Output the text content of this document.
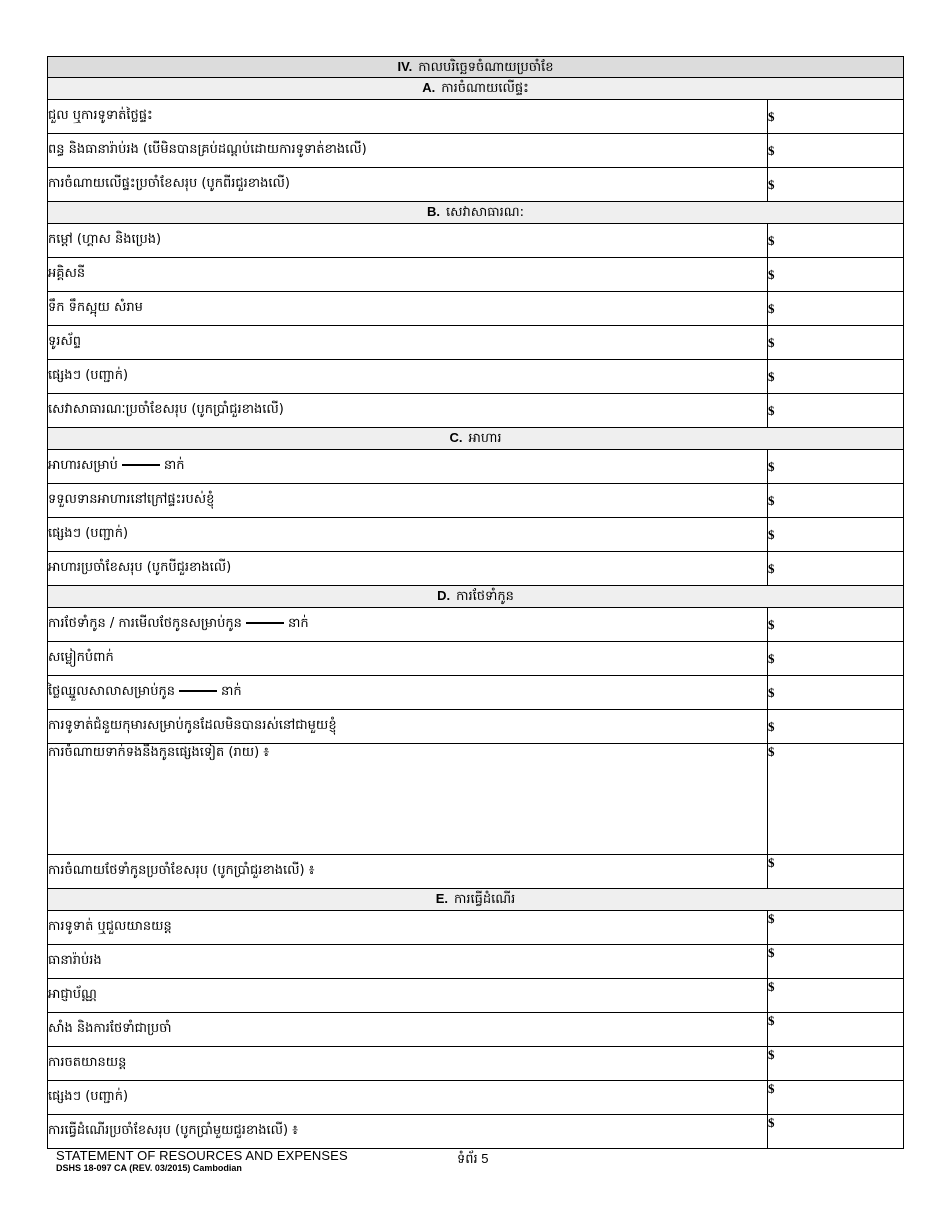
IV. កាលបរិច្ឆេទចំណាយប្រចាំខែ	
A. ការចំណាយលើផ្ទះ	
ជួល ឬការទូទាត់ថ្លៃផ្ទះ	$
ពន្ធ និងធានារ៉ាប់រង (បើមិនបានគ្រប់ដណ្ដប់ដោយការទូទាត់ខាងលើ)	$
ការចំណាយលើផ្ទះប្រចាំខែសរុប (បូកពីរជួរខាងលើ)	$
B. សេវាសាធារណ:	
កម្ដៅ (ហ្គាស និងប្រេង)	$
អគ្គិសនី	$
ទឹក ទឹកស្អុយ សំរាម	$
ទូរស័ព្ទ	$
ផ្សេងៗ (បញ្ជាក់)	$
សេវាសាធារណៈប្រចាំខែសរុប (បូកប្រាំជួរខាងលើ)	$
C. អាហារ	
អាហារសម្រាប់ នាក់	$
ទទួលទានអាហារនៅក្រៅផ្ទះរបស់ខ្ញុំ	$
ផ្សេងៗ (បញ្ជាក់)	$
អាហារប្រចាំខែសរុប (បូកបីជួរខាងលើ)	$
D. ការថែទាំកូន	
ការថែទាំកូន / ការមើលថែកូនសម្រាប់កូន នាក់	$
សម្លៀកបំពាក់	$
ថ្លៃឈ្នួលសាលាសម្រាប់កូន នាក់	$
ការទូទាត់ជំនួយកុមារសម្រាប់កូនដែលមិនបានរស់នៅជាមួយខ្ញុំ	$
ការចំណាយទាក់ទងនឹងកូនផ្សេងទៀត (រាយ) ៖	$
ការចំណាយថែទាំកូនប្រចាំខែសរុប (បូកប្រាំជួរខាងលើ) ៖	$
E. ការធ្វើដំណើរ	
ការទូទាត់ ឬជួលយានយន្ត	$
ធានារ៉ាប់រង	$
អាជ្ញាប័ណ្ណ	$
សាំង និងការថែទាំជាប្រចាំ	$
ការចតយានយន្ត	$
ផ្សេងៗ (បញ្ជាក់)	$
ការធ្វើដំណើរប្រចាំខែសរុប (បូកប្រាំមួយជួរខាងលើ) ៖	$
STATEMENT OF RESOURCES AND EXPENSES
DSHS 18-097 CA (REV. 03/2015) Cambodian
ទំព័រ 5
